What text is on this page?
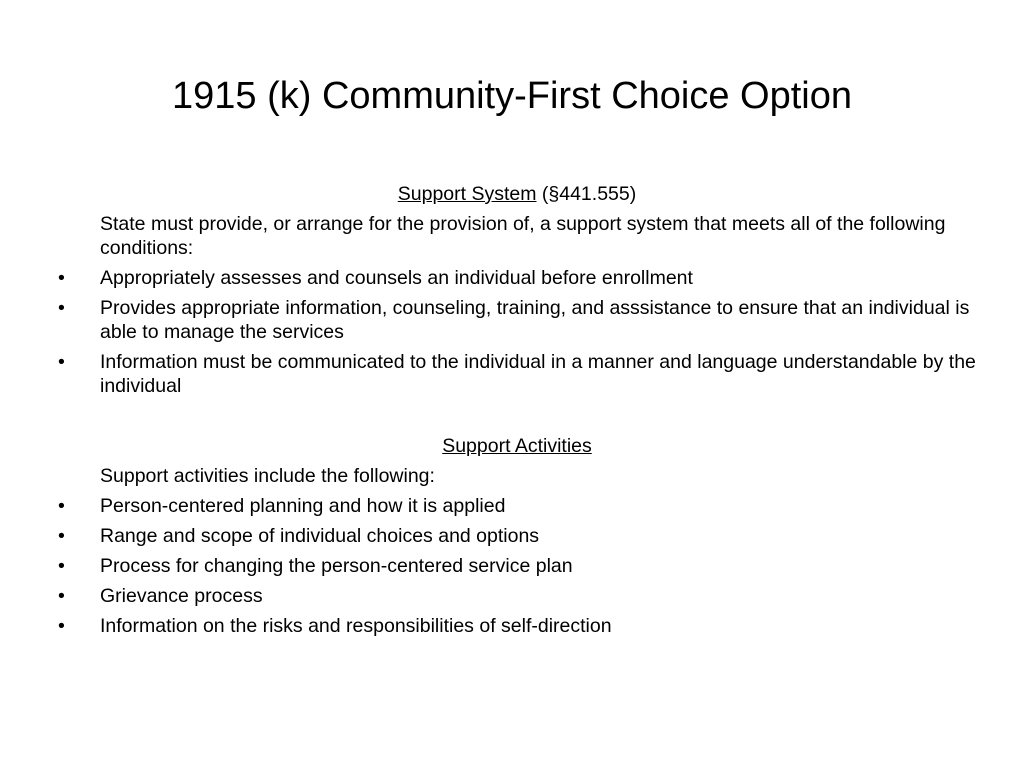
1915 (k) Community-First Choice Option
Support System (§441.555)
State must provide, or arrange for the provision of, a support system that meets all of the following conditions:
• Appropriately assesses and counsels an individual before enrollment
• Provides appropriate information, counseling, training, and asssistance to ensure that an individual is able to manage the services
• Information must be communicated to the individual in a manner and language understandable by the individual
Support Activities
Support activities include the following:
• Person-centered planning and how it is applied
• Range and scope of individual choices and options
• Process for changing the person-centered service plan
• Grievance process
• Information on the risks and responsibilities of self-direction
